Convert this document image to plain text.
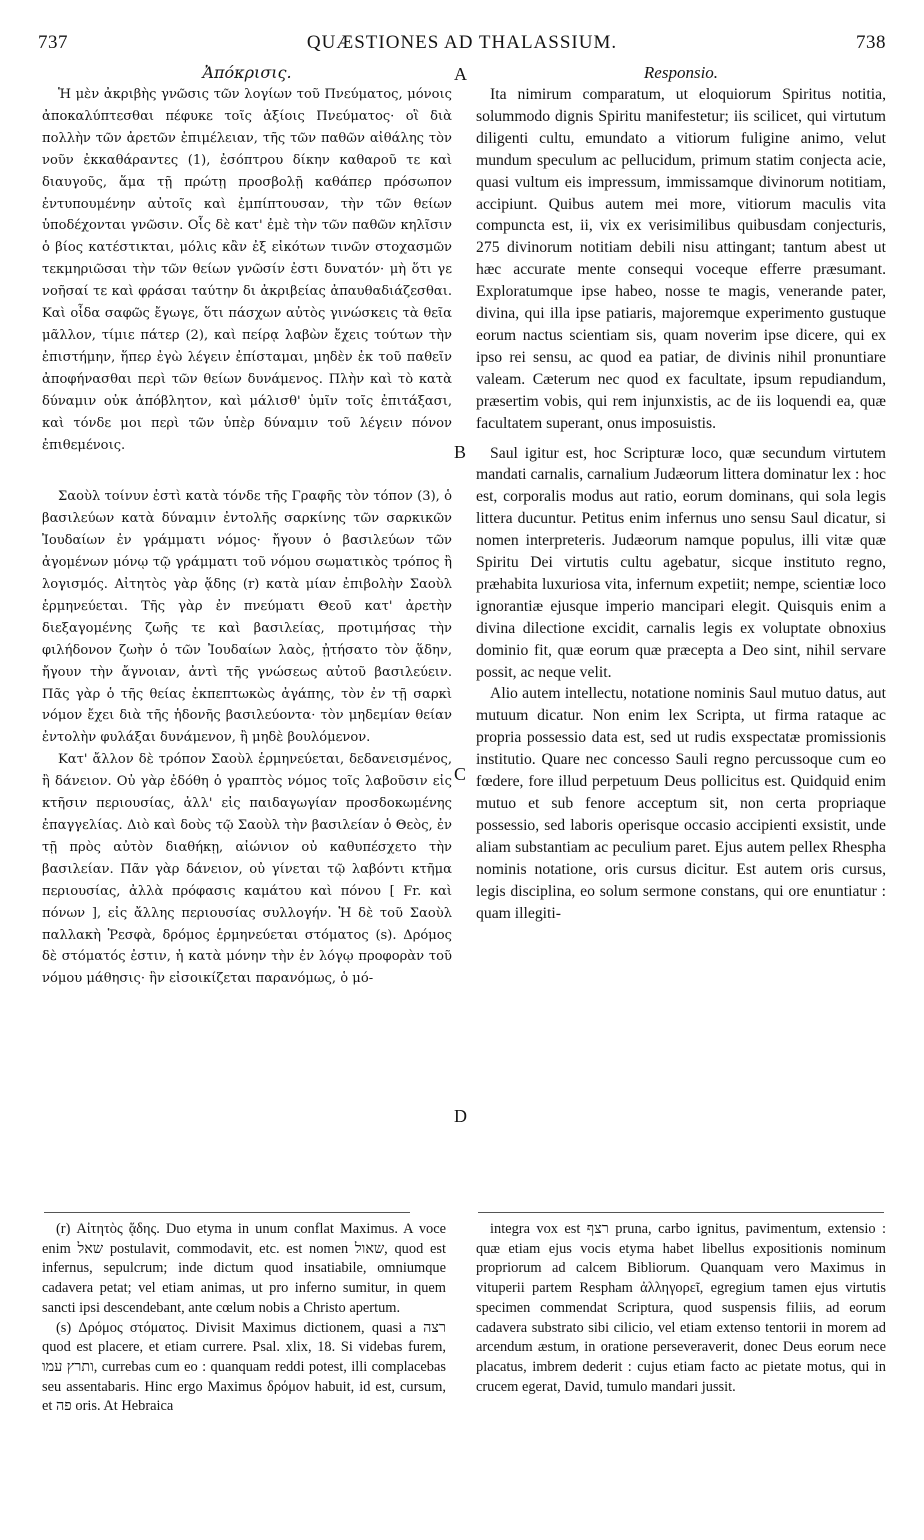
737	QUÆSTIONES AD THALASSIUM.	738
Ἀπόκρισις.

Ἡ μὲν ἀκριβὴς γνῶσις τῶν λογίων τοῦ Πνεύματος, μόνοις ἀποκαλύπτεσθαι πέφυκε τοῖς ἀξίοις Πνεύματος· οἳ διὰ πολλὴν τῶν ἀρετῶν ἐπιμέλειαν, τῆς τῶν παθῶν αἰθάλης τὸν νοῦν ἐκκαθάραντες (1), ἐσόπτρου δίκην καθαροῦ τε καὶ διαυγοῦς, ἅμα τῇ πρώτῃ προσβολῇ καθάπερ πρόσωπον ἐντυπουμένην αὐτοῖς καὶ ἐμπίπτουσαν, τὴν τῶν θείων ὑποδέχονται γνῶσιν. Οἷς δὲ κατ' ἐμὲ τὴν τῶν παθῶν κηλῖσιν ὁ βίος κατέστικται, μόλις κἂν ἐξ εἰκότων τινῶν στοχασμῶν τεκμηριῶσαι τὴν τῶν θείων γνῶσίν ἐστι δυνατόν· μὴ ὅτι γε νοῆσαί τε καὶ φράσαι ταύτην δι ἀκριβείας ἀπαυθαδιάζεσθαι. Καὶ οἶδα σαφῶς ἔγωγε, ὅτι πάσχων αὐτὸς γινώσκεις τὰ θεῖα μᾶλλον, τίμιε πάτερ (2), καὶ πείρᾳ λαβὼν ἔχεις τούτων τὴν ἐπιστήμην, ἥπερ ἐγὼ λέγειν ἐπίσταμαι, μηδὲν ἐκ τοῦ παθεῖν ἀποφήνασθαι περὶ τῶν θείων δυνάμενος. Πλὴν καὶ τὸ κατὰ δύναμιν οὐκ ἀπόβλητον, καὶ μάλισθ' ὑμῖν τοῖς ἐπιτάξασι, καὶ τόνδε μοι περὶ τῶν ὑπὲρ δύναμιν τοῦ λέγειν πόνον ἐπιθεμένοις.

Σαοὺλ τοίνυν ἐστὶ κατὰ τόνδε τῆς Γραφῆς τὸν τόπον (3), ὁ βασιλεύων κατὰ δύναμιν ἐντολῆς σαρκίνης τῶν σαρκικῶν Ἰουδαίων ἐν γράμματι νόμος· ἤγουν ὁ βασιλεύων τῶν ἀγομένων μόνῳ τῷ γράμματι τοῦ νόμου σωματικὸς τρόπος ἢ λογισμός. Αἰτητὸς γὰρ ᾅδης (r) κατὰ μίαν ἐπιβολὴν Σαοὺλ ἑρμηνεύεται. Τῆς γὰρ ἐν πνεύματι Θεοῦ κατ' ἀρετὴν διεξαγομένης ζωῆς τε καὶ βασιλείας, προτιμήσας τὴν φιλήδονον ζωὴν ὁ τῶν Ἰουδαίων λαὸς, ᾐτήσατο τὸν ᾅδην, ἤγουν τὴν ἄγνοιαν, ἀντὶ τῆς γνώσεως αὐτοῦ βασιλεύειν. Πᾶς γὰρ ὁ τῆς θείας ἐκπεπτωκὼς ἀγάπης, τὸν ἐν τῇ σαρκὶ νόμον ἔχει διὰ τῆς ἡδονῆς βασιλεύοντα· τὸν μηδεμίαν θείαν ἐντολὴν φυλάξαι δυνάμενον, ἢ μηδὲ βουλόμενον.

Κατ' ἄλλον δὲ τρόπον Σαοὺλ ἑρμηνεύεται, δεδανεισμένος, ἢ δάνειον. Οὐ γὰρ ἐδόθη ὁ γραπτὸς νόμος τοῖς λαβοῦσιν εἰς κτῆσιν περιουσίας, ἀλλ' εἰς παιδαγωγίαν προσδοκωμένης ἐπαγγελίας. Διὸ καὶ δοὺς τῷ Σαοὺλ τὴν βασιλείαν ὁ Θεὸς, ἐν τῇ πρὸς αὐτὸν διαθήκῃ, αἰώνιον οὐ καθυπέσχετο τὴν βασιλείαν. Πᾶν γὰρ δάνειον, οὐ γίνεται τῷ λαβόντι κτῆμα περιουσίας, ἀλλὰ πρόφασις καμάτου καὶ πόνου [ Fr. καὶ πόνων ], εἰς ἄλλης περιουσίας συλλογήν. Ἡ δὲ τοῦ Σαοὺλ παλλακὴ Ῥεσφὰ, δρόμος ἑρμηνεύεται στόματος (s). Δρόμος δὲ στόματός ἐστιν, ἡ κατὰ μόνην τὴν ἐν λόγῳ προφορὰν τοῦ νόμου μάθησις· ἣν εἰσοικίζεται παρανόμως, ὁ μό-

A
B
C
D
Responsio.

Ita nimirum comparatum, ut eloquiorum Spiritus notitia, solummodo dignis Spiritu manifestetur; iis scilicet, qui virtutum diligenti cultu, emundato a vitiorum fuligine animo, velut mundum speculum ac pellucidum, primum statim conjecta acie, quasi vultum eis impressum, immissamque divinorum notitiam, accipiunt. Quibus autem mei more, vitiorum maculis vita compuncta est, ii, vix ex verisimilibus quibusdam conjecturis, 275 divinorum notitiam debili nisu attingant; tantum abest ut hæc accurate mente consequi voceque efferre præsumant. Exploratumque ipse habeo, nosse te magis, venerande pater, divina, qui illa ipse patiaris, majoremque experimento gustuque eorum nactus scientiam sis, quam noverim ipse dicere, qui ex ipso rei sensu, ac quod ea patiar, de divinis nihil pronuntiare valeam. Cæterum nec quod ex facultate, ipsum repudiandum, præsertim vobis, qui rem injunxistis, ac de iis loquendi ea, quæ facultatem superant, onus imposuistis.

Saul igitur est, hoc Scripturæ loco, quæ secundum virtutem mandati carnalis, carnalium Judæorum littera dominatur lex : hoc est, corporalis modus aut ratio, eorum dominans, qui sola legis littera ducuntur. Petitus enim infernus uno sensu Saul dicatur, si nomen interpreteris. Judæorum namque populus, illi vitæ quæ Spiritu Dei virtutis cultu agebatur, sicque instituto regno, præhabita luxuriosa vita, infernum expetiit; nempe, scientiæ loco ignorantiæ ejusque imperio mancipari elegit. Quisquis enim a divina dilectione excidit, carnalis legis ex voluptate obnoxius dominio fit, quæ eorum quæ præcepta a Deo sint, nihil servare possit, ac neque velit.

Alio autem intellectu, notatione nominis Saul mutuo datus, aut mutuum dicatur. Non enim lex Scripta, ut firma rataque ac propria possessio data est, sed ut rudis exspectatæ promissionis institutio. Quare nec concesso Sauli regno percussoque cum eo fœdere, fore illud perpetuum Deus pollicitus est. Quidquid enim mutuo et sub fenore acceptum sit, non certa propriaque possessio, sed laboris operisque occasio accipienti exsistit, unde aliam substantiam ac peculium paret. Ejus autem pellex Rhespha nominis notatione, oris cursus dicitur. Est autem oris cursus, legis disciplina, eo solum sermone constans, qui ore enuntiatur : quam illegiti-

(r) Αἰτητὸς ᾅδης. Duo etyma in unum conflat Maximus. A voce enim שאל postulavit, commodavit, etc. est nomen שאול, quod est infernus, sepulcrum; inde dictum quod insatiabile, omniumque cadavera petat; vel etiam animas, ut pro inferno sumitur, in quem sancti ipsi descendebant, ante cœlum nobis a Christo apertum.

(s) Δρόμος στόματος. Divisit Maximus dictionem, quasi a רצה quod est placere, et etiam currere. Psal. xlix, 18. Si videbas furem, ותרץ עמו, currebas cum eo : quanquam reddi potest, illi complacebas seu assentabaris. Hinc ergo Maximus δρόμον habuit, id est, cursum, et פה oris. At Hebraica

integra vox est רצף pruna, carbo ignitus, pavimentum, extensio : quæ etiam ejus vocis etyma habet libellus expositionis nominum propriorum ad calcem Bibliorum. Quanquam vero Maximus in vituperii partem Respham ἀλληγορεῖ, egregium tamen ejus virtutis specimen commendat Scriptura, quod suspensis filiis, ad eorum cadavera substrato sibi cilicio, vel etiam extenso tentorii in morem ad arcendum æstum, in oratione perseveraverit, donec Deus eorum nece placatus, imbrem dederit : cujus etiam facto ac pietate motus, qui in crucem egerat, David, tumulo mandari jussit.
